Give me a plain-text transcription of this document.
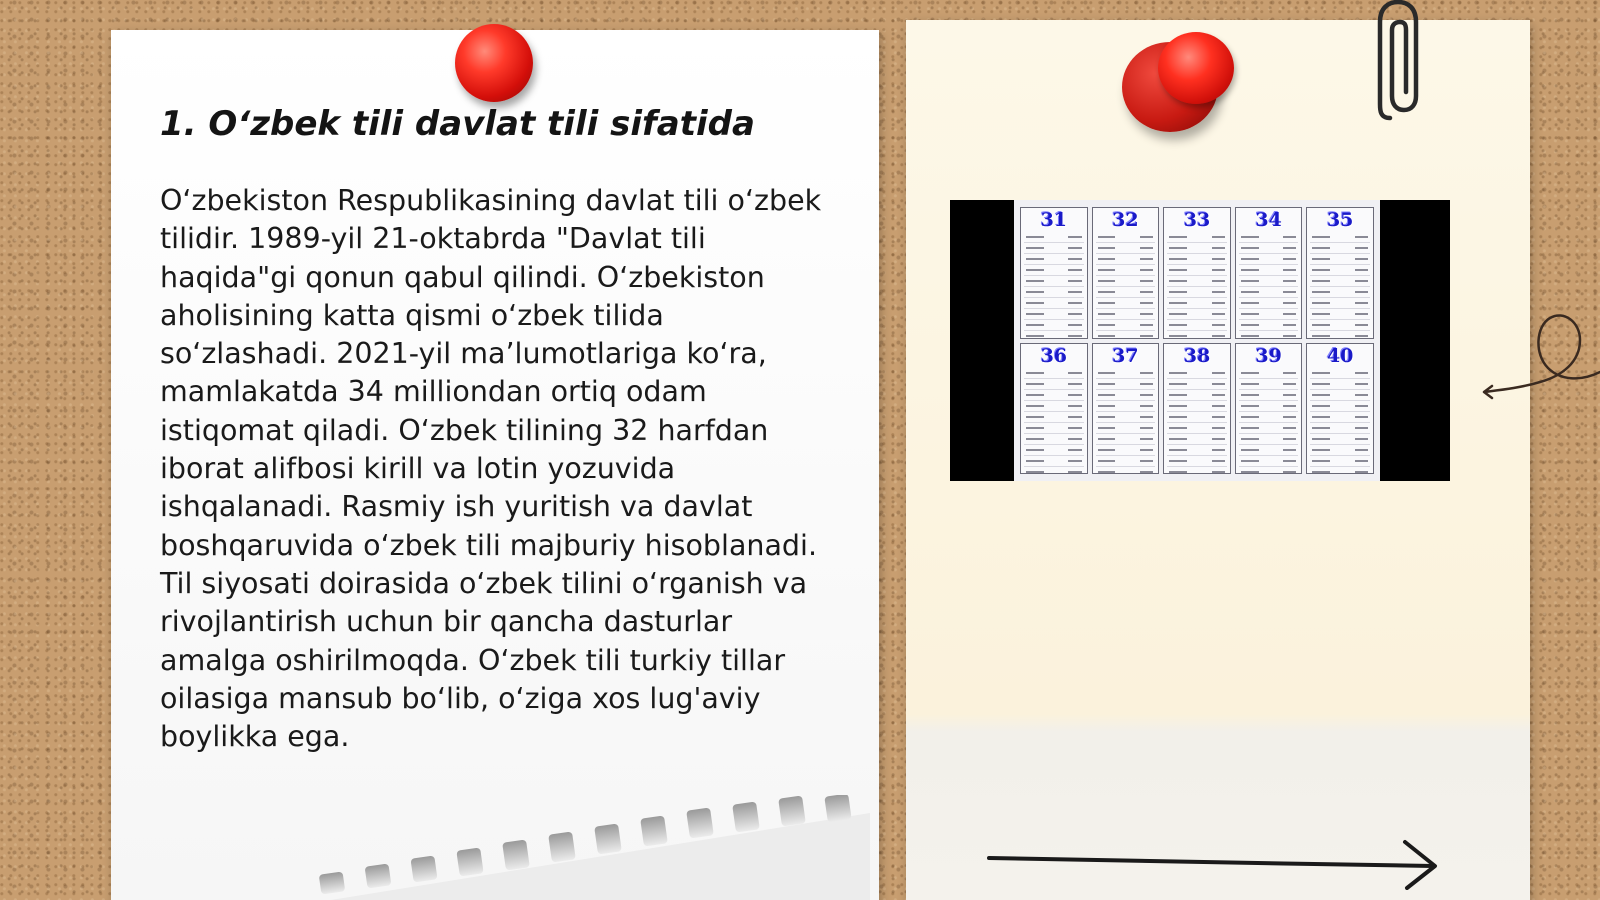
1. O‘zbek tili davlat tili sifatida

O‘zbekiston Respublikasining davlat tili o‘zbek tilidir. 1989-yil 21-oktabrda "Davlat tili haqida"gi qonun qabul qilindi. O‘zbekiston aholisining katta qismi o‘zbek tilida so‘zlashadi. 2021-yil ma’lumotlariga ko‘ra, mamlakatda 34 milliondan ortiq odam istiqomat qiladi. O‘zbek tilining 32 harfdan iborat alifbosi kirill va lotin yozuvida ishqalanadi. Rasmiy ish yuritish va davlat boshqaruvida o‘zbek tili majburiy hisoblanadi. Til siyosati doirasida o‘zbek tilini o‘rganish va rivojlantirish uchun bir qancha dasturlar amalga oshirilmoqda. O‘zbek tili turkiy tillar oilasiga mansub bo‘lib, o‘ziga xos lug'aviy boylikka ega.

31 32 33 34 35
36 37 38 39 40
